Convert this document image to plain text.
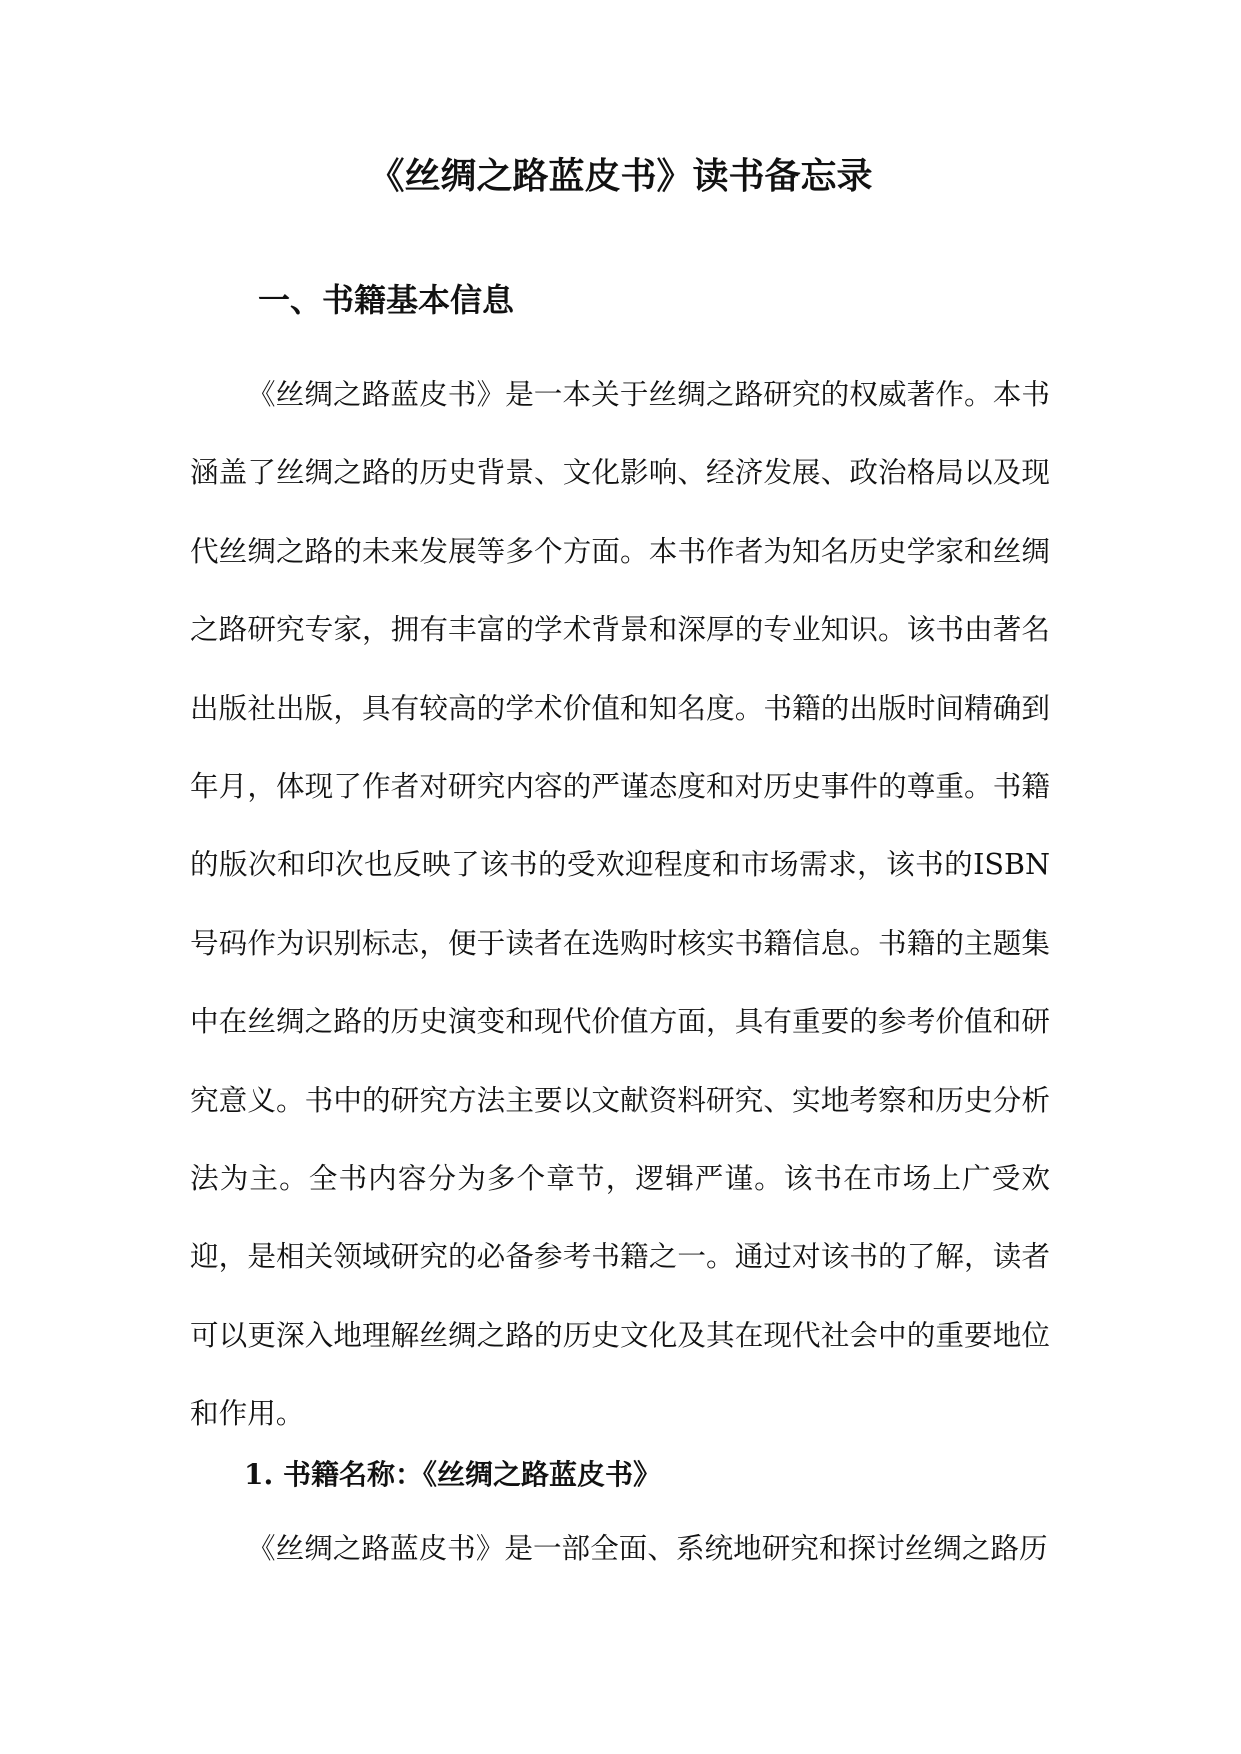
《丝绸之路蓝皮书》读书备忘录
一、书籍基本信息

《丝绸之路蓝皮书》是一本关于丝绸之路研究的权威著作。本书涵盖了丝绸之路的历史背景、文化影响、经济发展、政治格局以及现代丝绸之路的未来发展等多个方面。本书作者为知名历史学家和丝绸之路研究专家，拥有丰富的学术背景和深厚的专业知识。该书由著名出版社出版，具有较高的学术价值和知名度。书籍的出版时间精确到年月，体现了作者对研究内容的严谨态度和对历史事件的尊重。书籍的版次和印次也反映了该书的受欢迎程度和市场需求，该书的ISBN号码作为识别标志，便于读者在选购时核实书籍信息。书籍的主题集中在丝绸之路的历史演变和现代价值方面，具有重要的参考价值和研究意义。书中的研究方法主要以文献资料研究、实地考察和历史分析法为主。全书内容分为多个章节，逻辑严谨。该书在市场上广受欢迎，是相关领域研究的必备参考书籍之一。通过对该书的了解，读者可以更深入地理解丝绸之路的历史文化及其在现代社会中的重要地位和作用。

1. 书籍名称：《丝绸之路蓝皮书》

《丝绸之路蓝皮书》是一部全面、系统地研究和探讨丝绸之路历
